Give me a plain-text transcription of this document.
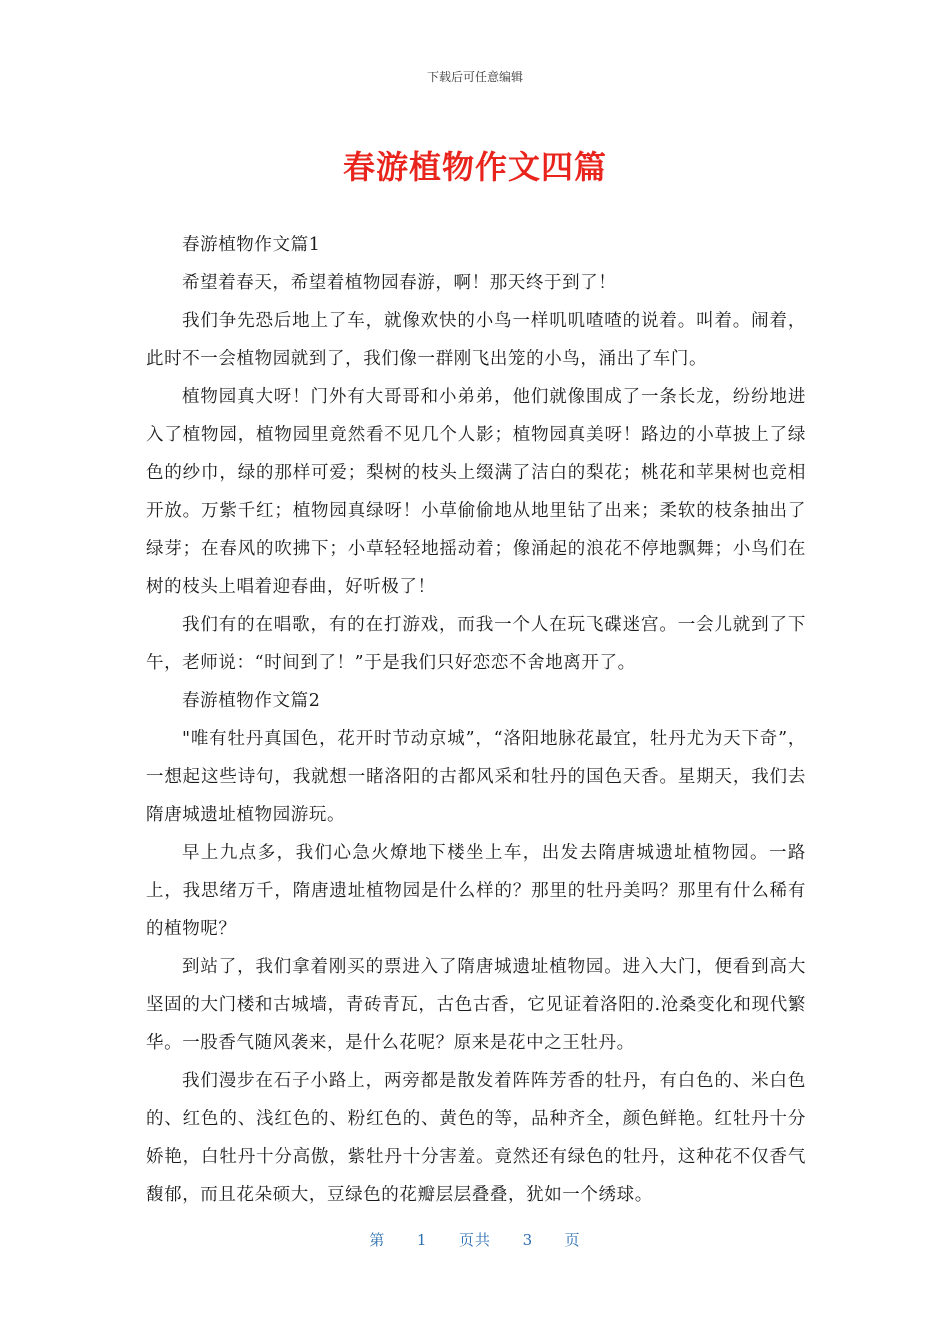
下载后可任意编辑
春游植物作文四篇

春游植物作文篇1

希望着春天，希望着植物园春游，啊！那天终于到了！

我们争先恐后地上了车，就像欢快的小鸟一样叽叽喳喳的说着。叫着。闹着，此时不一会植物园就到了，我们像一群刚飞出笼的小鸟，涌出了车门。

植物园真大呀！门外有大哥哥和小弟弟，他们就像围成了一条长龙，纷纷地进入了植物园，植物园里竟然看不见几个人影；植物园真美呀！路边的小草披上了绿色的纱巾，绿的那样可爱；梨树的枝头上缀满了洁白的梨花；桃花和苹果树也竞相开放。万紫千红；植物园真绿呀！小草偷偷地从地里钻了出来；柔软的枝条抽出了绿芽；在春风的吹拂下；小草轻轻地摇动着；像涌起的浪花不停地飘舞；小鸟们在树的枝头上唱着迎春曲，好听极了！

我们有的在唱歌，有的在打游戏，而我一个人在玩飞碟迷宫。一会儿就到了下午，老师说：“时间到了！”于是我们只好恋恋不舍地离开了。

春游植物作文篇2

"唯有牡丹真国色，花开时节动京城”，“洛阳地脉花最宜，牡丹尤为天下奇”，一想起这些诗句，我就想一睹洛阳的古都风采和牡丹的国色天香。星期天，我们去隋唐城遗址植物园游玩。

早上九点多，我们心急火燎地下楼坐上车，出发去隋唐城遗址植物园。一路上，我思绪万千，隋唐遗址植物园是什么样的？那里的牡丹美吗？那里有什么稀有的植物呢？

到站了，我们拿着刚买的票进入了隋唐城遗址植物园。进入大门，便看到高大坚固的大门楼和古城墙，青砖青瓦，古色古香，它见证着洛阳的.沧桑变化和现代繁华。一股香气随风袭来，是什么花呢？原来是花中之王牡丹。

我们漫步在石子小路上，两旁都是散发着阵阵芳香的牡丹，有白色的、米白色的、红色的、浅红色的、粉红色的、黄色的等，品种齐全，颜色鲜艳。红牡丹十分娇艳，白牡丹十分高傲，紫牡丹十分害羞。竟然还有绿色的牡丹，这种花不仅香气馥郁，而且花朵硕大，豆绿色的花瓣层层叠叠，犹如一个绣球。

第 1 页共 3 页
